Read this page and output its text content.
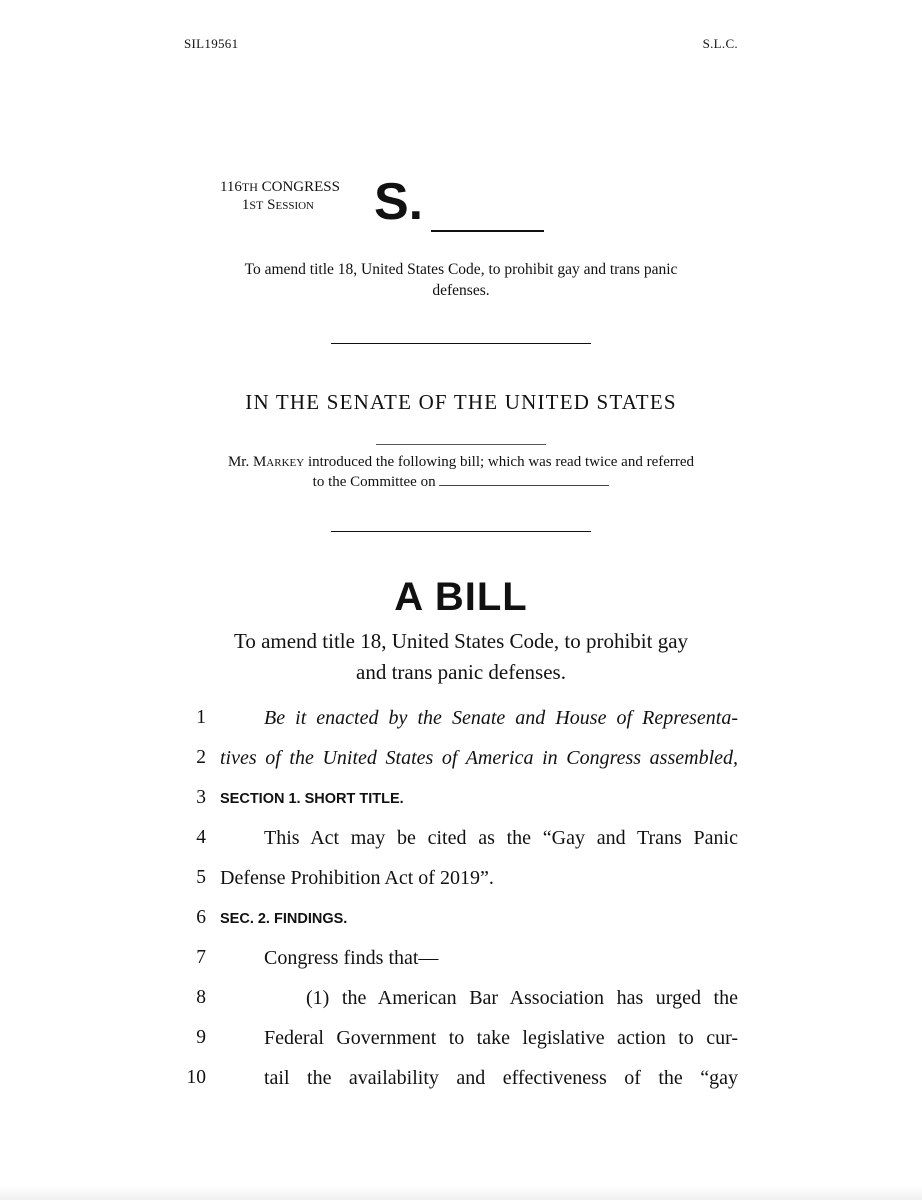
SIL19561	S.L.C.
116TH CONGRESS
1ST Session	S.
To amend title 18, United States Code, to prohibit gay and trans panic
defenses.
IN THE SENATE OF THE UNITED STATES
Mr. Markey introduced the following bill; which was read twice and referred
to the Committee on
A BILL
To amend title 18, United States Code, to prohibit gay
and trans panic defenses.
1	Be it enacted by the Senate and House of Representa-
2 tives of the United States of America in Congress assembled,
3 SECTION 1. SHORT TITLE.
4	This Act may be cited as the “Gay and Trans Panic
5 Defense Prohibition Act of 2019”.
6 SEC. 2. FINDINGS.
7	Congress finds that—
8	(1) the American Bar Association has urged the
9	Federal Government to take legislative action to cur-
10	tail the availability and effectiveness of the “gay
